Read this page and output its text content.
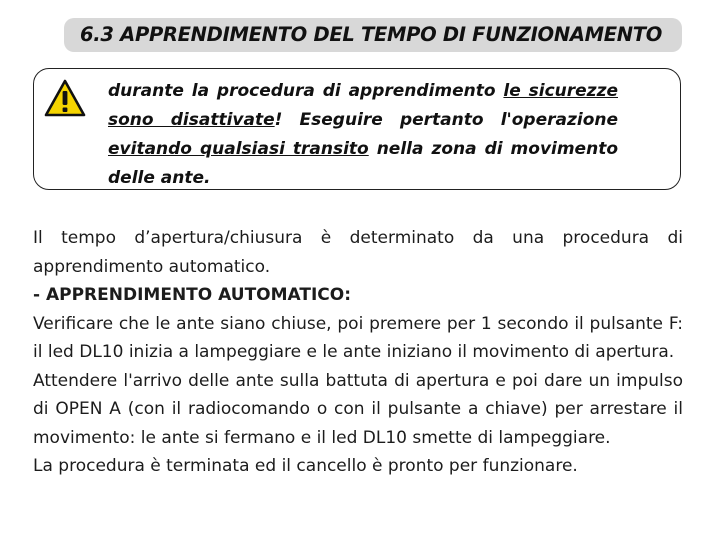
6.3 APPRENDIMENTO DEL TEMPO DI FUNZIONAMENTO
durante la procedura di apprendimento le sicurezze sono disattivate! Eseguire pertanto l'operazione evitando qualsiasi transito nella zona di movimento delle ante.

Il tempo d’apertura/chiusura è determinato da una procedura di apprendimento automatico.

- APPRENDIMENTO AUTOMATICO:

Verificare che le ante siano chiuse, poi premere per 1 secondo il pulsante F: il led DL10 inizia a lampeggiare e le ante iniziano il movimento di apertura.

Attendere l'arrivo delle ante sulla battuta di apertura e poi dare un impulso di OPEN A (con il radiocomando o con il pulsante a chiave) per arrestare il movimento: le ante si fermano e il led DL10 smette di lampeggiare.

La procedura è terminata ed il cancello è pronto per funzionare.
